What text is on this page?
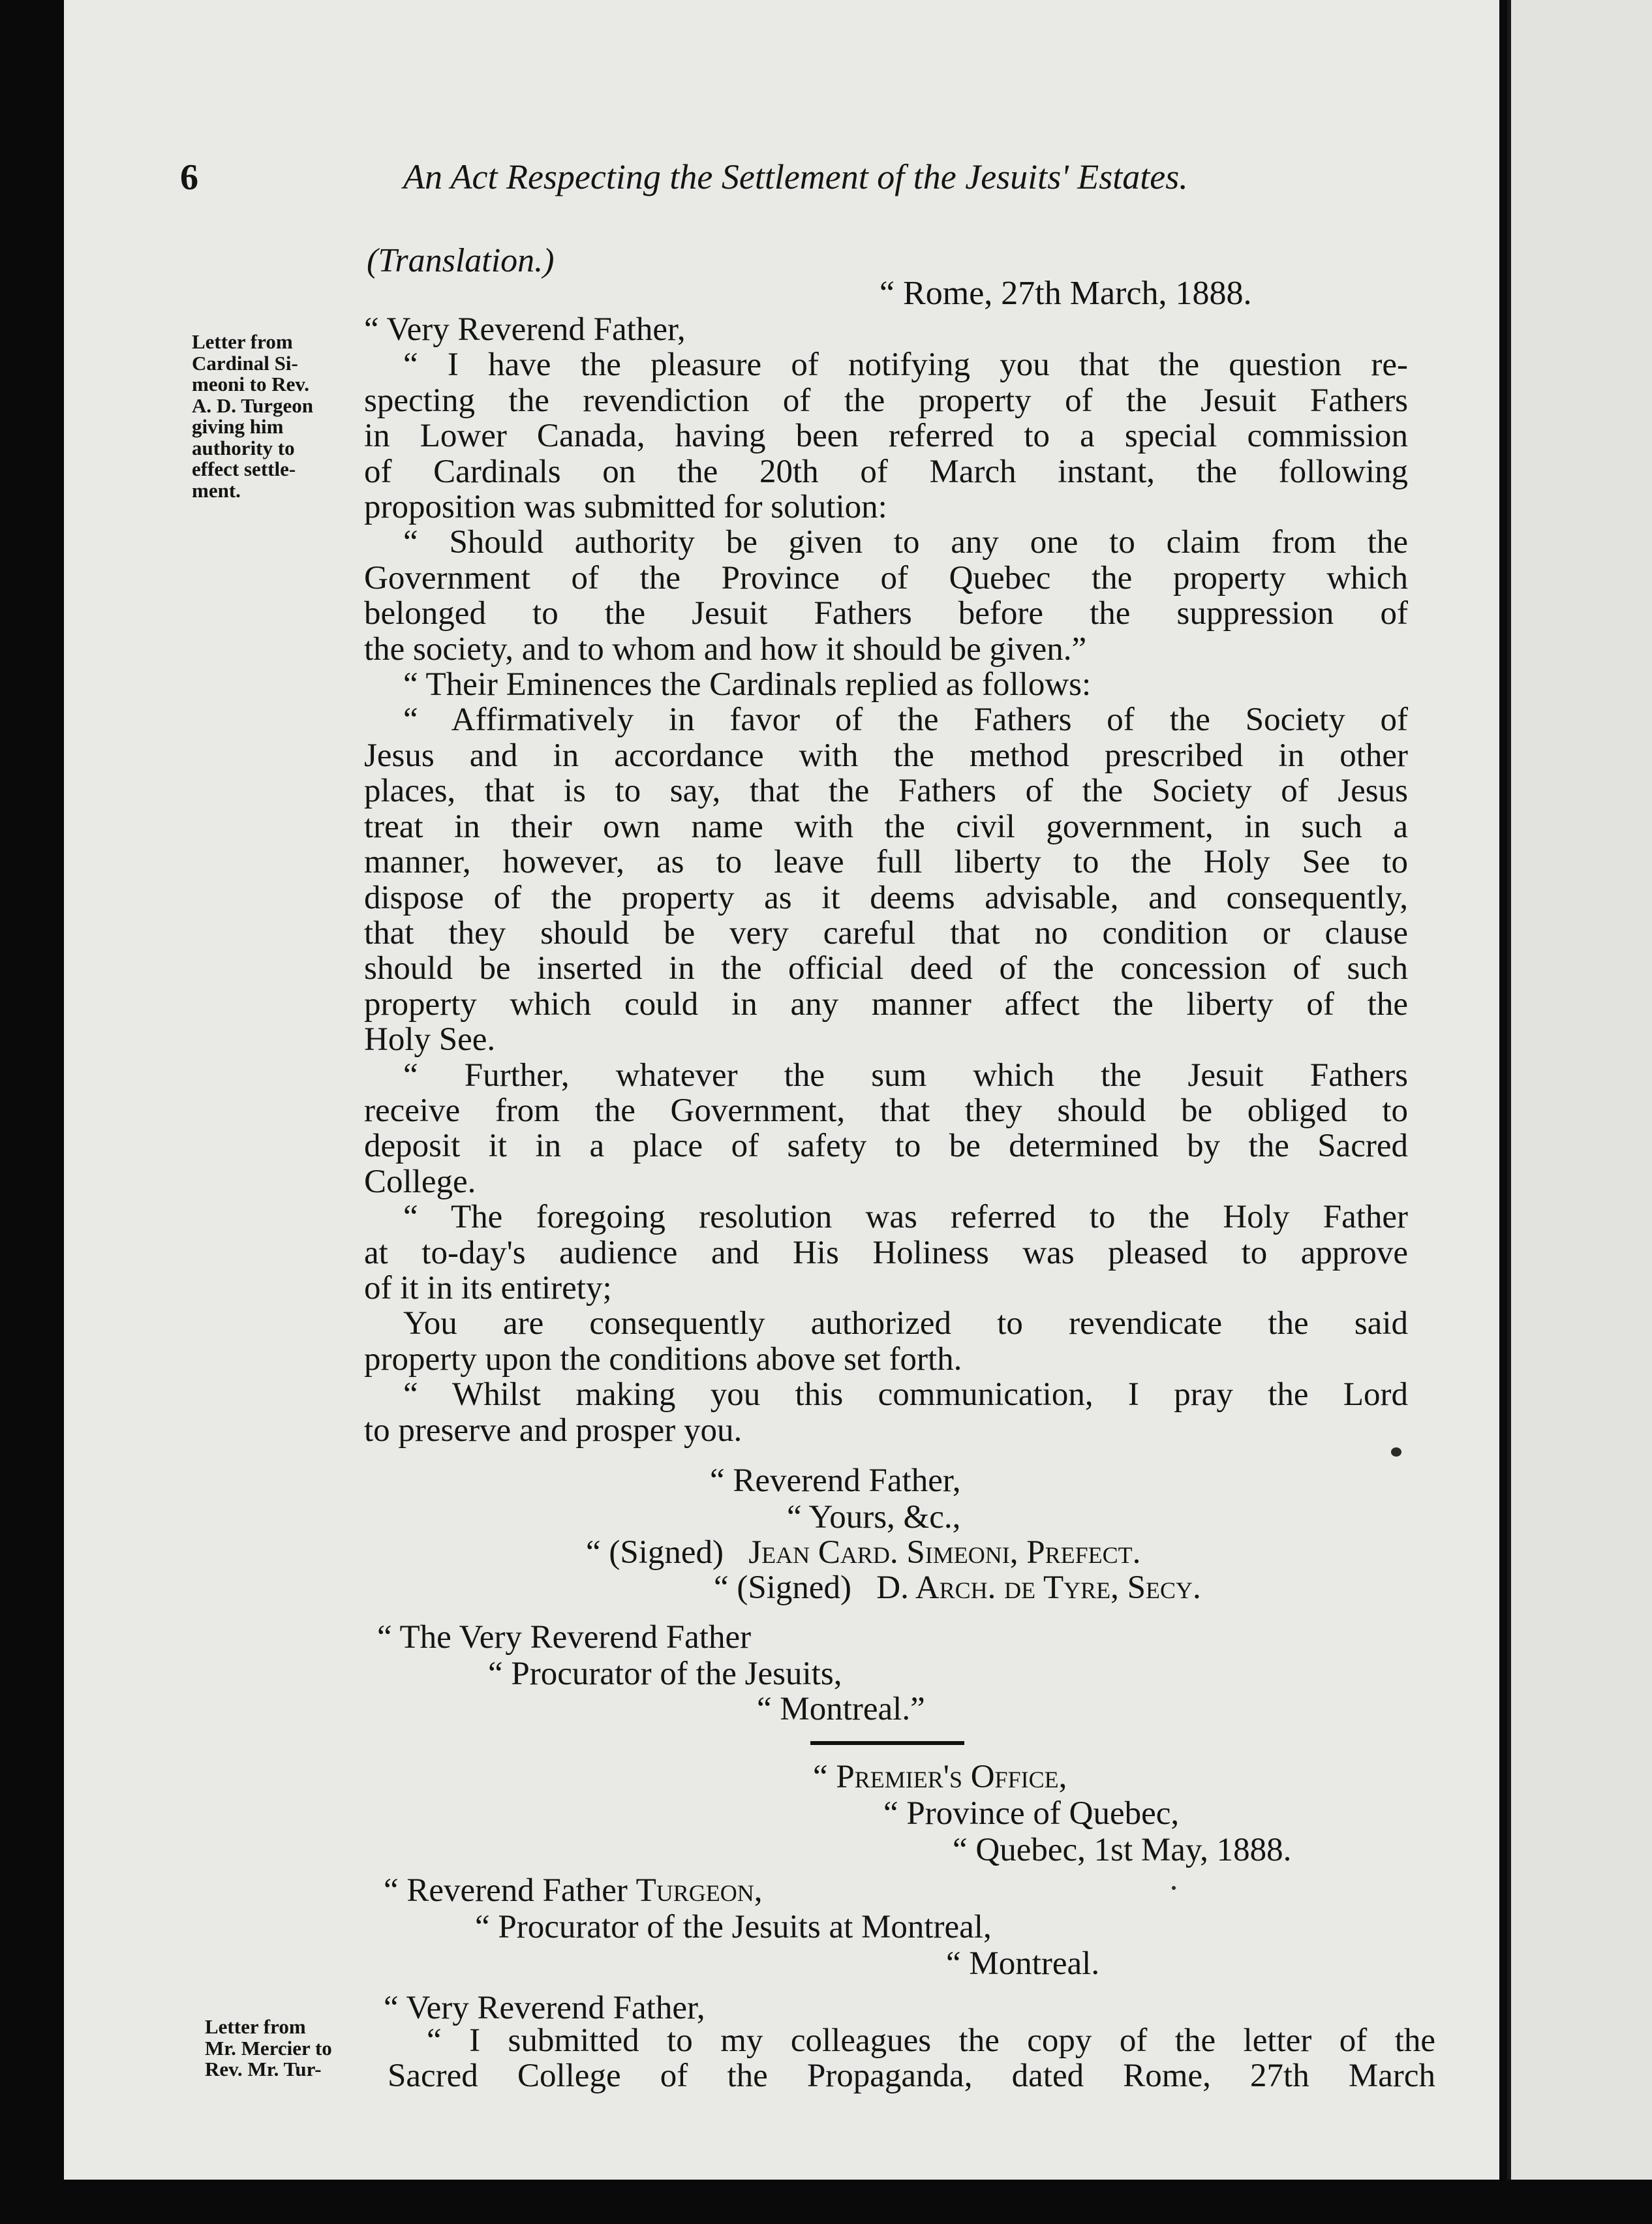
6	An Act Respecting the Settlement of the Jesuits' Estates.
(Translation.)
“ Rome, 27th March, 1888.
Letter from
Cardinal Si-
meoni to Rev.
A. D. Turgeon
giving him
authority to
effect settle-
ment.
“ Very Reverend Father,
“ I have the pleasure of notifying you that the question re-
specting the revendiction of the property of the Jesuit Fathers
in Lower Canada, having been referred to a special commission
of Cardinals on the 20th of March instant, the following
proposition was submitted for solution:
“ Should authority be given to any one to claim from the
Government of the Province of Quebec the property which
belonged to the Jesuit Fathers before the suppression of
the society, and to whom and how it should be given.”
“ Their Eminences the Cardinals replied as follows:
“ Affirmatively in favor of the Fathers of the Society of
Jesus and in accordance with the method prescribed in other
places, that is to say, that the Fathers of the Society of Jesus
treat in their own name with the civil government, in such a
manner, however, as to leave full liberty to the Holy See to
dispose of the property as it deems advisable, and consequently,
that they should be very careful that no condition or clause
should be inserted in the official deed of the concession of such
property which could in any manner affect the liberty of the
Holy See.
“ Further, whatever the sum which the Jesuit Fathers
receive from the Government, that they should be obliged to
deposit it in a place of safety to be determined by the Sacred
College.
“ The foregoing resolution was referred to the Holy Father
at to-day's audience and His Holiness was pleased to approve
of it in its entirety;
You are consequently authorized to revendicate the said
property upon the conditions above set forth.
“ Whilst making you this communication, I pray the Lord
to preserve and prosper you.
“ Reverend Father,
“ Yours, &c.,
“ (Signed) Jean Card. Simeoni, Prefect.
“ (Signed) D. Arch. de Tyre, Secy.
“ The Very Reverend Father
“ Procurator of the Jesuits,
“ Montreal.”
“ Premier's Office,
“ Province of Quebec,
“ Quebec, 1st May, 1888.
“ Reverend Father Turgeon,
“ Procurator of the Jesuits at Montreal,
“ Montreal.
“ Very Reverend Father,
Letter from
Mr. Mercier to
Rev. Mr. Tur-
“ I submitted to my colleagues the copy of the letter of the
Sacred College of the Propaganda, dated Rome, 27th March
